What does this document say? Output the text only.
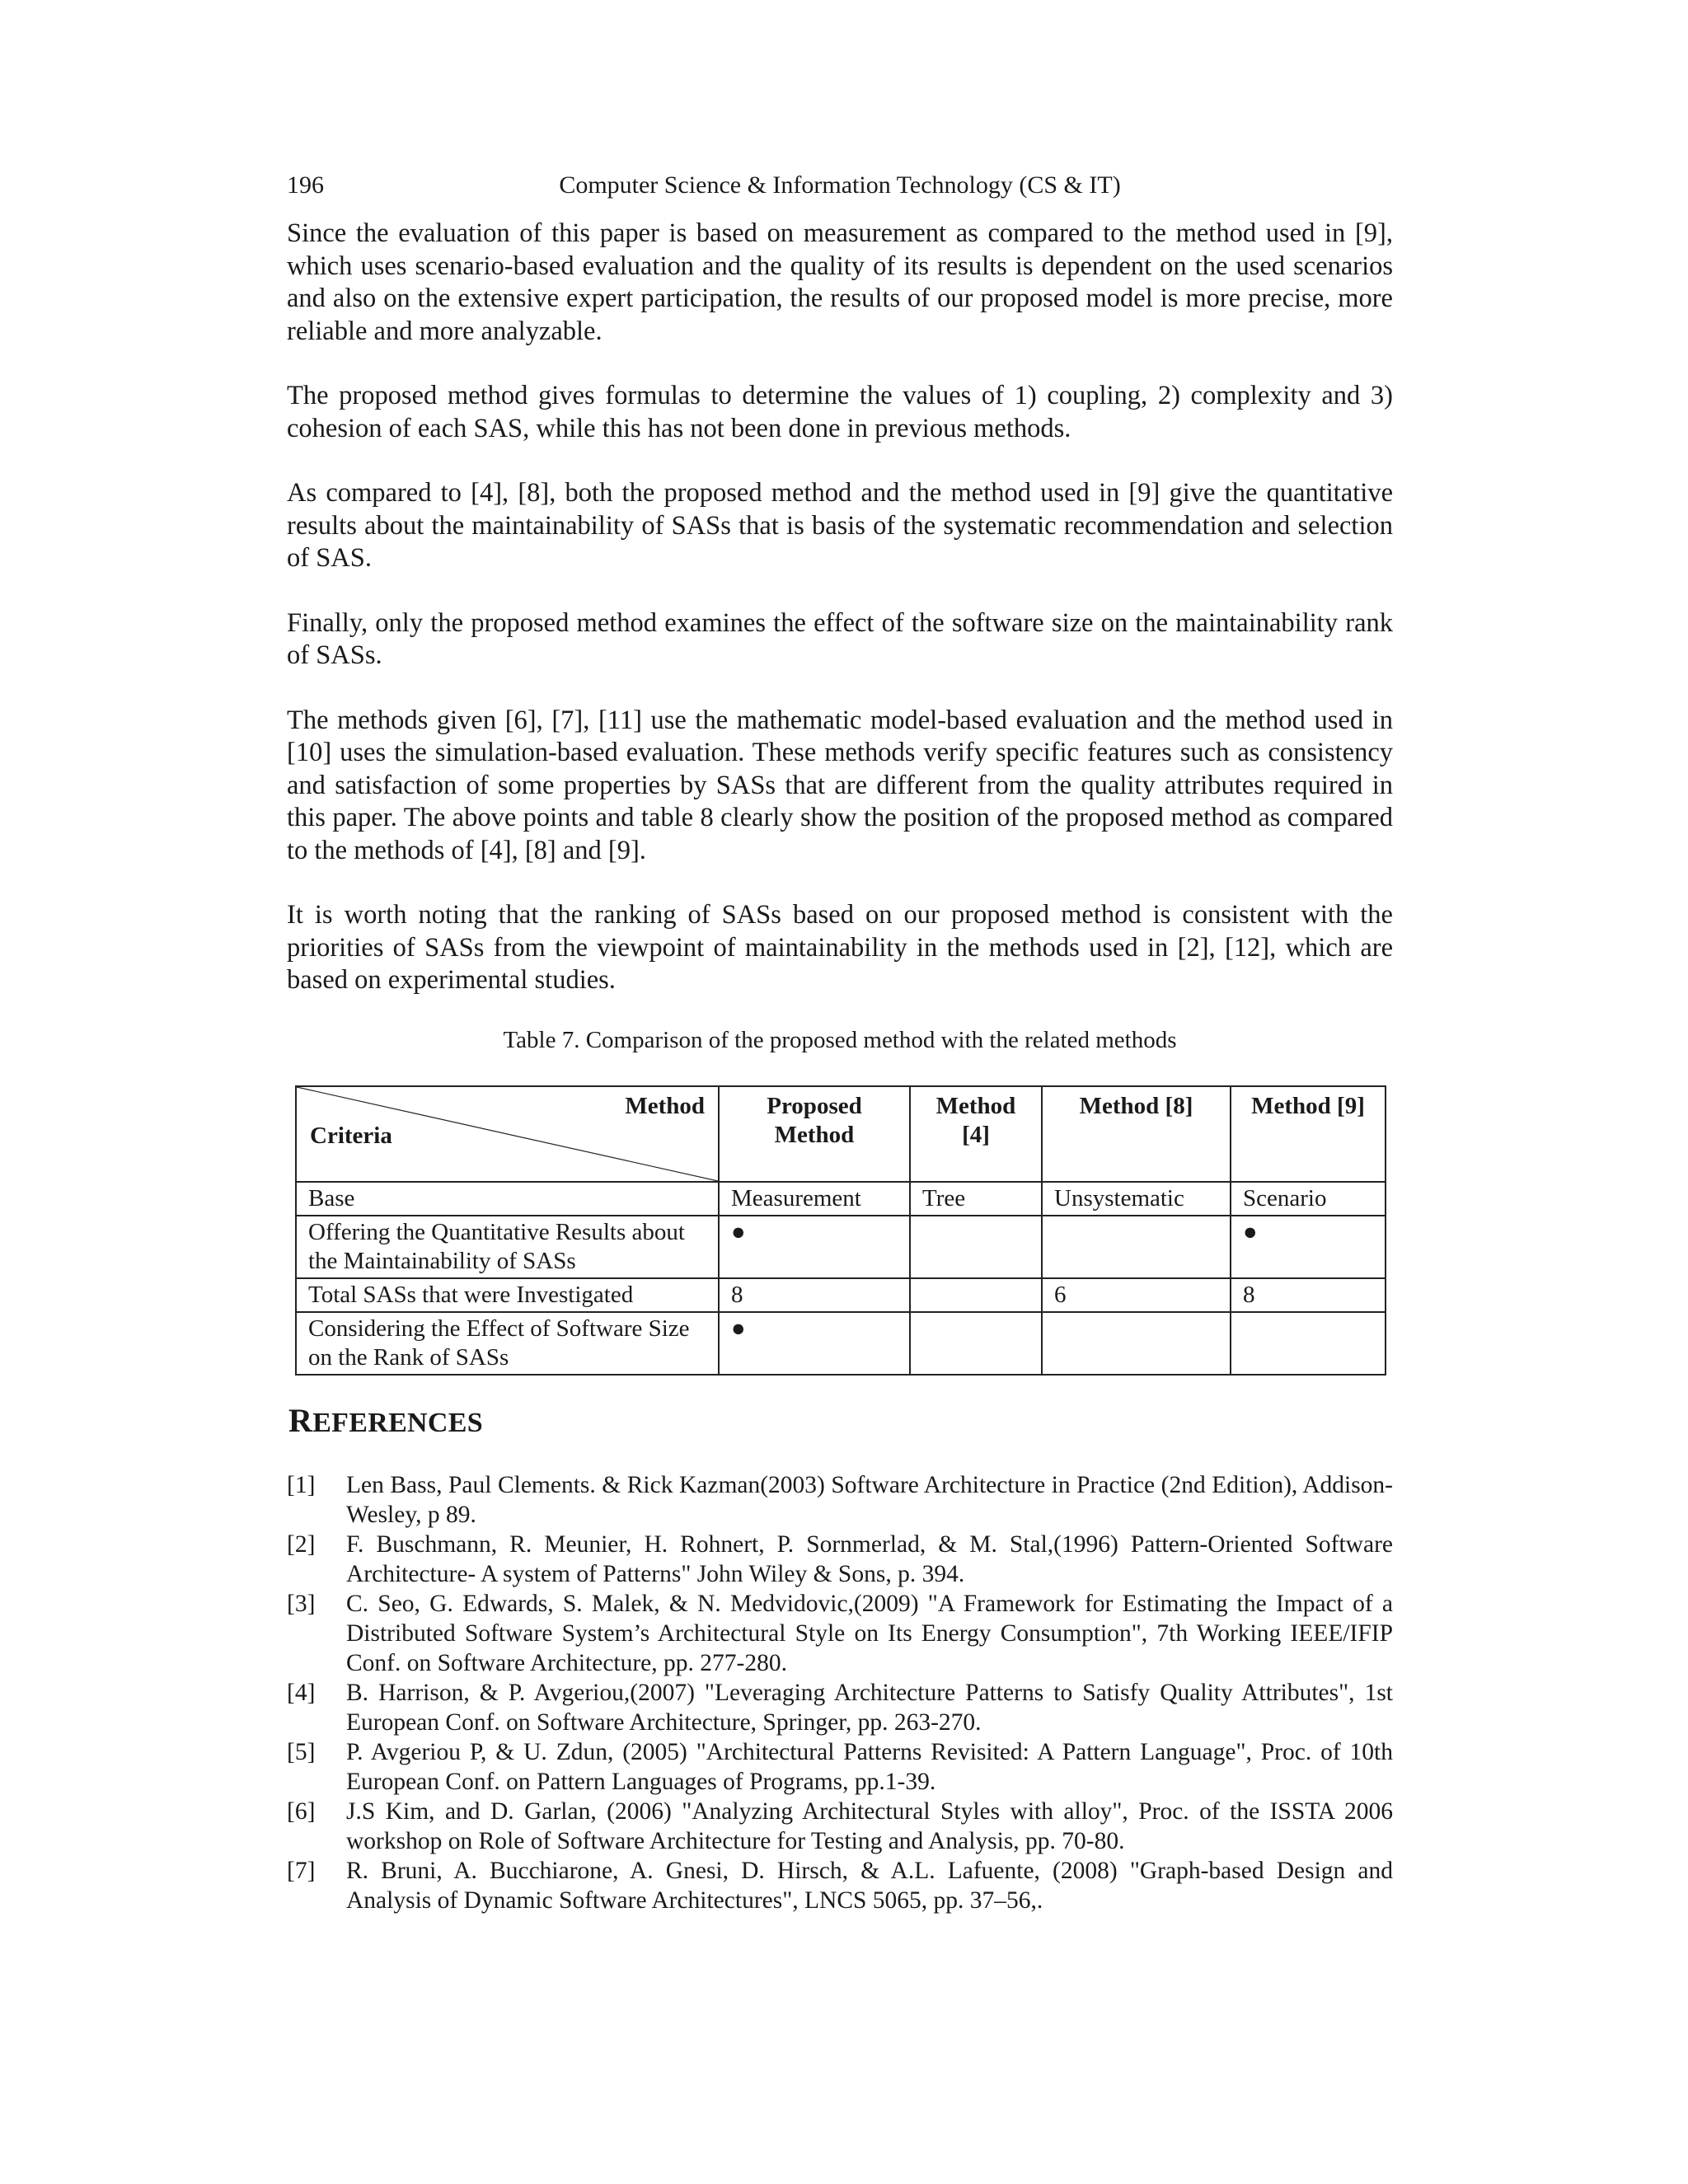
196	Computer Science & Information Technology (CS & IT)

Since the evaluation of this paper is based on measurement as compared to the method used in [9], which uses scenario-based evaluation and the quality of its results is dependent on the used scenarios and also on the extensive expert participation, the results of our proposed model is more precise, more reliable and more analyzable.

The proposed method gives formulas to determine the values of 1) coupling, 2) complexity and 3) cohesion of each SAS, while this has not been done in previous methods.

As compared to [4], [8], both the proposed method and the method used in [9] give the quantitative results about the maintainability of SASs that is basis of the systematic recommendation and selection of SAS.

Finally, only the proposed method examines the effect of the software size on the maintainability rank of SASs.

The methods given [6], [7], [11] use the mathematic model-based evaluation and the method used in [10] uses the simulation-based evaluation. These methods verify specific features such as consistency and satisfaction of some properties by SASs that are different from the quality attributes required in this paper. The above points and table 8 clearly show the position of the proposed method as compared to the methods of [4], [8] and [9].

It is worth noting that the ranking of SASs based on our proposed method is consistent with the priorities of SASs from the viewpoint of maintainability in the methods used in [2], [12], which are based on experimental studies.

Table 7. Comparison of the proposed method with the related methods
Method
Criteria	Proposed Method	Method [4]	Method [8]	Method [9]
Base	Measurement	Tree	Unsystematic	Scenario
Offering the Quantitative Results about the Maintainability of SASs	●			●
Total SASs that were Investigated	8		6	8
Considering the Effect of Software Size on the Rank of SASs	●			
REFERENCES
[1] Len Bass, Paul Clements. & Rick Kazman(2003) Software Architecture in Practice (2nd Edition), Addison-Wesley, p 89.
[2] F. Buschmann, R. Meunier, H. Rohnert, P. Sornmerlad, & M. Stal,(1996) Pattern-Oriented Software Architecture- A system of Patterns" John Wiley & Sons, p. 394.
[3] C. Seo, G. Edwards, S. Malek, & N. Medvidovic,(2009) "A Framework for Estimating the Impact of a Distributed Software System’s Architectural Style on Its Energy Consumption", 7th Working IEEE/IFIP Conf. on Software Architecture, pp. 277-280.
[4] B. Harrison, & P. Avgeriou,(2007) "Leveraging Architecture Patterns to Satisfy Quality Attributes", 1st European Conf. on Software Architecture, Springer, pp. 263-270.
[5] P. Avgeriou P, & U. Zdun, (2005) "Architectural Patterns Revisited: A Pattern Language", Proc. of 10th European Conf. on Pattern Languages of Programs, pp.1-39.
[6] J.S Kim, and D. Garlan, (2006) "Analyzing Architectural Styles with alloy", Proc. of the ISSTA 2006 workshop on Role of Software Architecture for Testing and Analysis, pp. 70-80.
[7] R. Bruni, A. Bucchiarone, A. Gnesi, D. Hirsch, & A.L. Lafuente, (2008) "Graph-based Design and Analysis of Dynamic Software Architectures", LNCS 5065, pp. 37–56,.
